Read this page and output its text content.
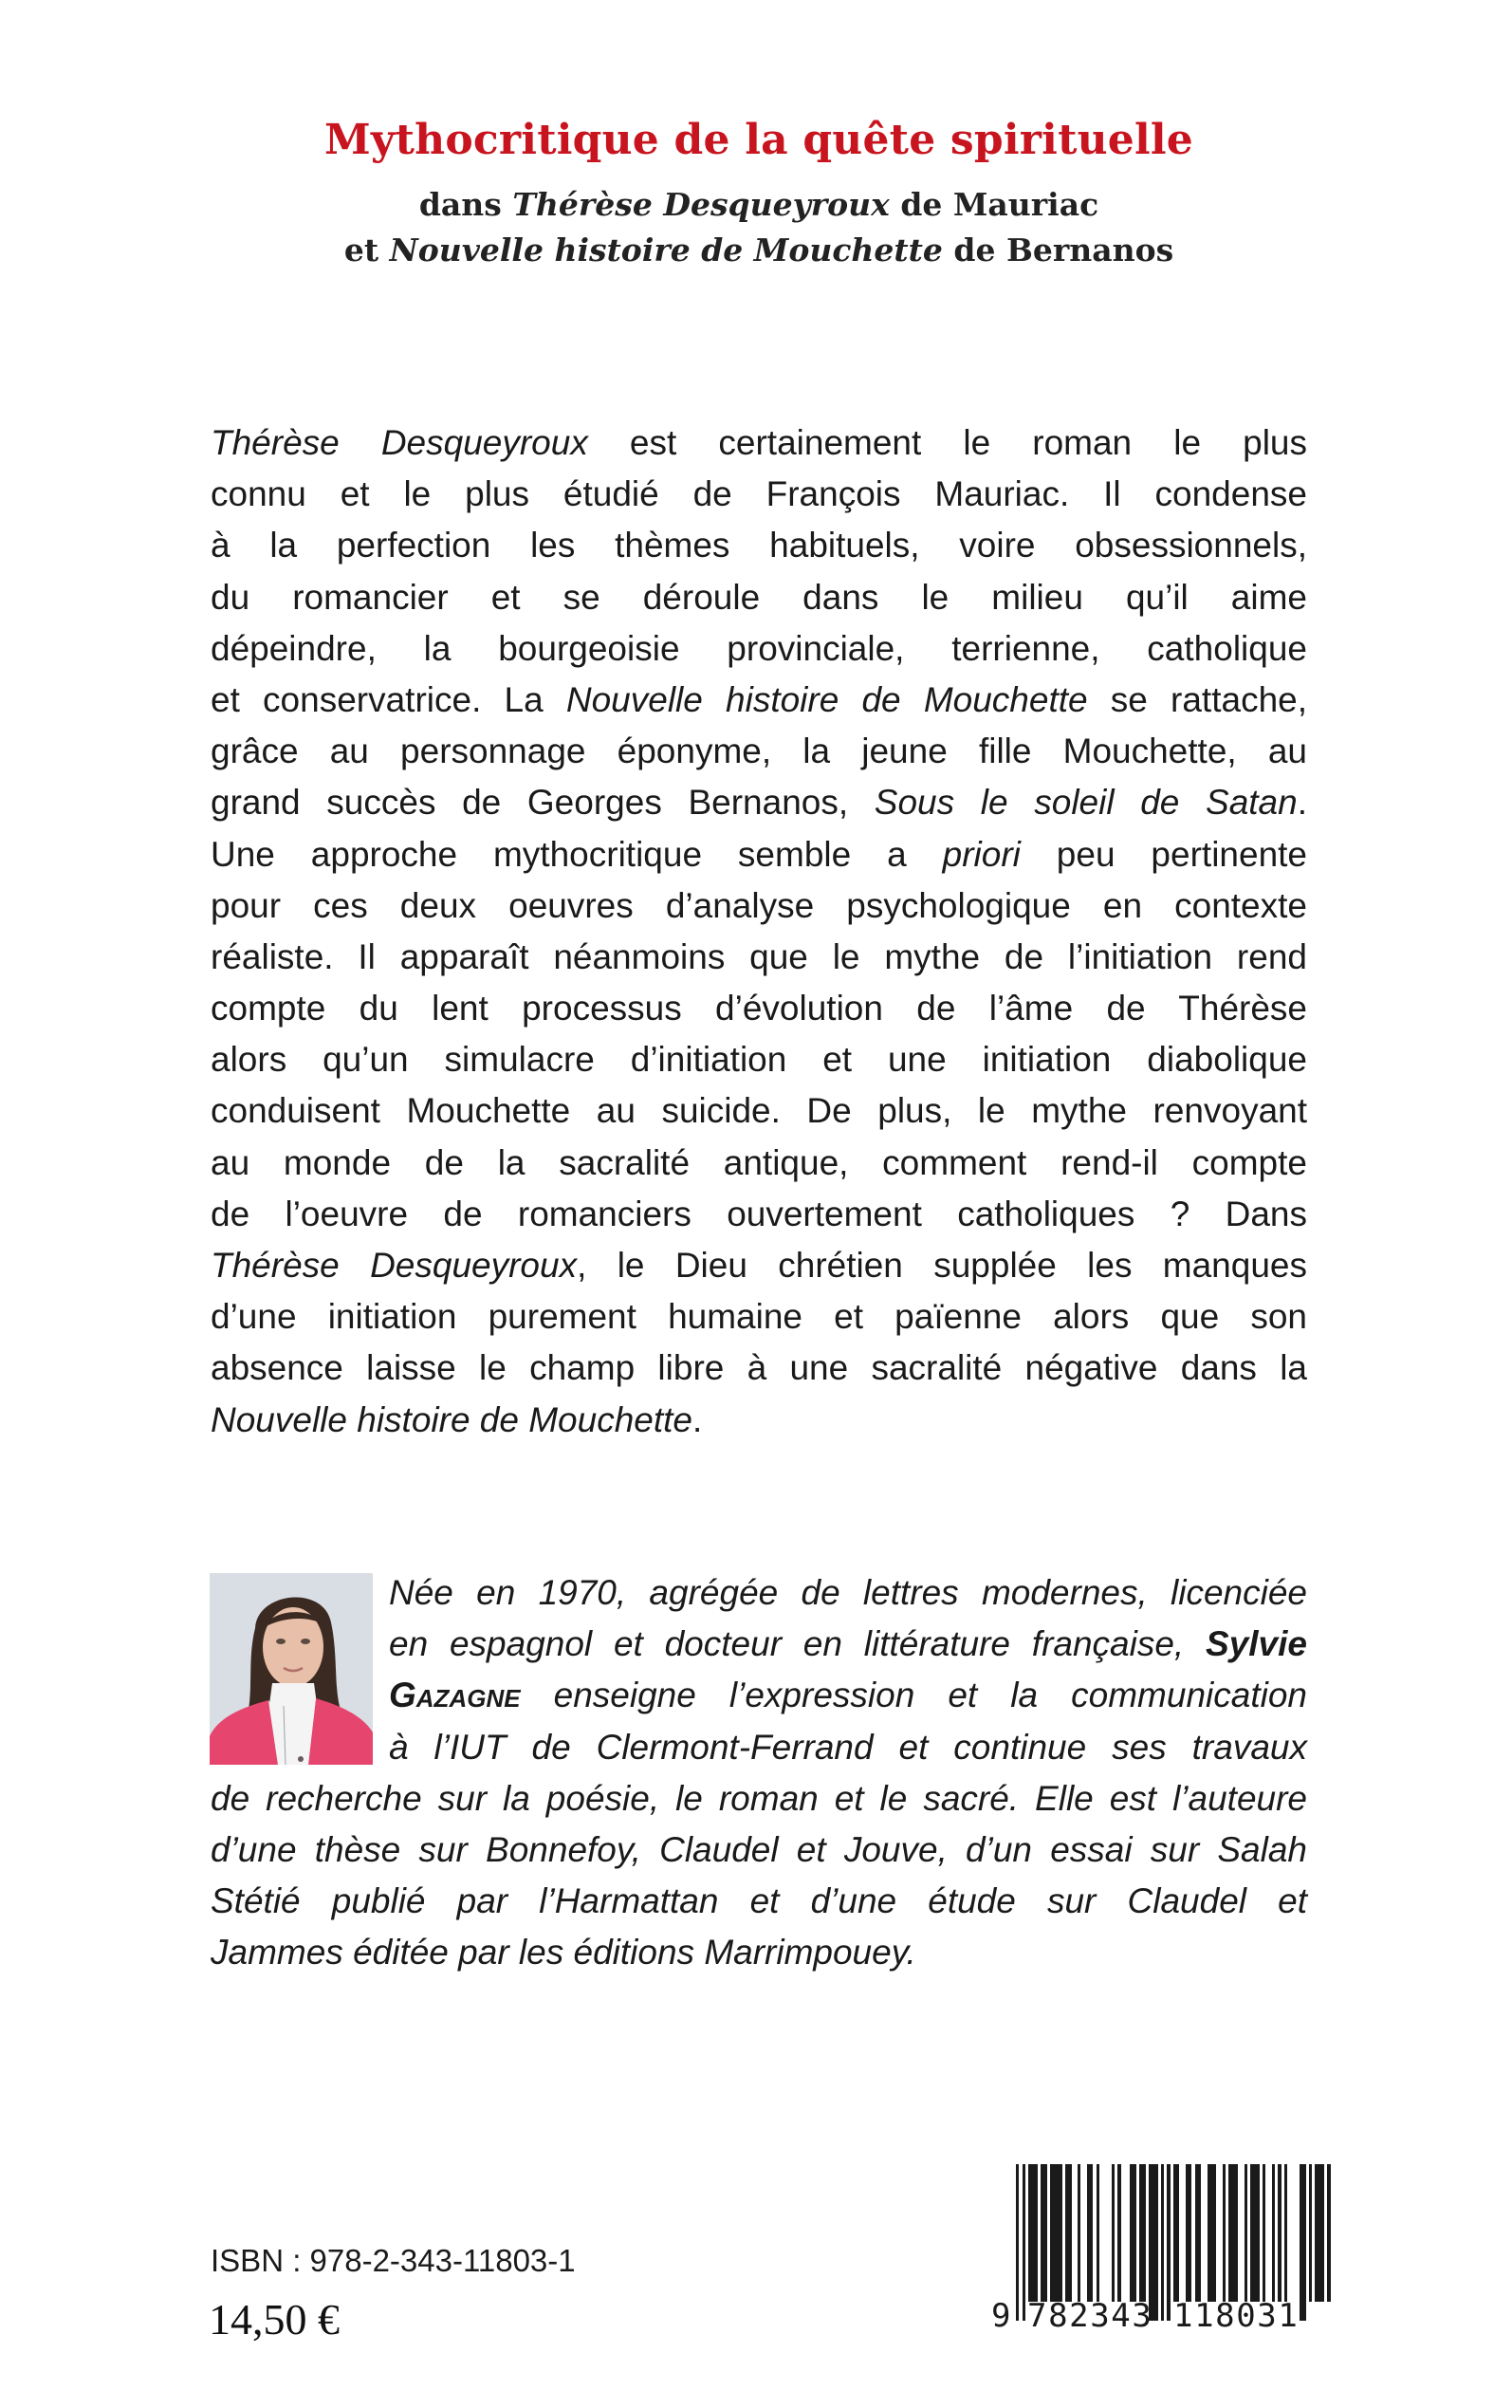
Mythocritique de la quête spirituelle
dans Thérèse Desqueyroux de Mauriac
et Nouvelle histoire de Mouchette de Bernanos
Thérèse Desqueyroux est certainement le roman le plus
connu et le plus étudié de François Mauriac. Il condense
à la perfection les thèmes habituels, voire obsessionnels,
du romancier et se déroule dans le milieu qu’il aime
dépeindre, la bourgeoisie provinciale, terrienne, catholique
et conservatrice. La Nouvelle histoire de Mouchette se rattache,
grâce au personnage éponyme, la jeune fille Mouchette, au
grand succès de Georges Bernanos, Sous le soleil de Satan.
Une approche mythocritique semble a priori peu pertinente
pour ces deux oeuvres d’analyse psychologique en contexte
réaliste. Il apparaît néanmoins que le mythe de l’initiation rend
compte du lent processus d’évolution de l’âme de Thérèse
alors qu’un simulacre d’initiation et une initiation diabolique
conduisent Mouchette au suicide. De plus, le mythe renvoyant
au monde de la sacralité antique, comment rend-il compte
de l’oeuvre de romanciers ouvertement catholiques ? Dans
Thérèse Desqueyroux, le Dieu chrétien supplée les manques
d’une initiation purement humaine et païenne alors que son
absence laisse le champ libre à une sacralité négative dans la
Nouvelle histoire de Mouchette.
Née en 1970, agrégée de lettres modernes, licenciée
en espagnol et docteur en littérature française, Sylvie
Gazagne enseigne l’expression et la communication
à l’IUT de Clermont-Ferrand et continue ses travaux
de recherche sur la poésie, le roman et le sacré. Elle est l’auteure
d’une thèse sur Bonnefoy, Claudel et Jouve, d’un essai sur Salah
Stétié publié par l’Harmattan et d’une étude sur Claudel et
Jammes éditée par les éditions Marrimpouey.
ISBN : 978-2-343-11803-1
14,50 €	9 782343 118031
